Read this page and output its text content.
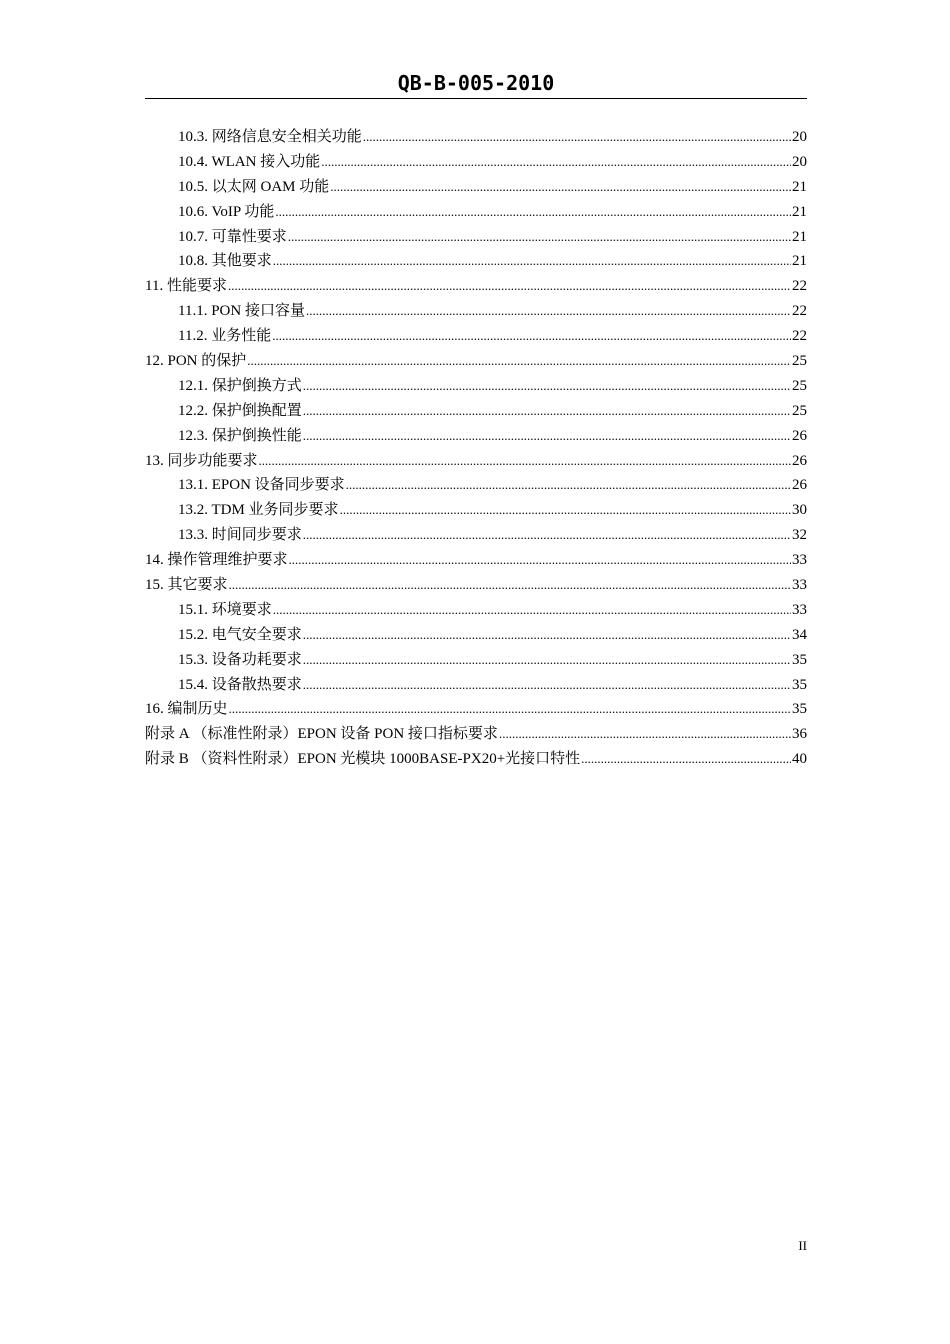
QB-B-005-2010
10.3. 网络信息安全相关功能 .....	20
10.4. WLAN 接入功能 .....	20
10.5. 以太网 OAM 功能 .....	21
10.6. VoIP 功能 .....	21
10.7. 可靠性要求 .....	21
10.8. 其他要求 .....	21
11. 性能要求 .....	22
11.1. PON 接口容量 .....	22
11.2. 业务性能 .....	22
12. PON 的保护 .....	25
12.1. 保护倒换方式 .....	25
12.2. 保护倒换配置 .....	25
12.3. 保护倒换性能 .....	26
13. 同步功能要求 .....	26
13.1. EPON 设备同步要求 .....	26
13.2. TDM 业务同步要求 .....	30
13.3. 时间同步要求 .....	32
14. 操作管理维护要求 .....	33
15. 其它要求 .....	33
15.1. 环境要求 .....	33
15.2. 电气安全要求 .....	34
15.3. 设备功耗要求 .....	35
15.4. 设备散热要求 .....	35
16. 编制历史 .....	35
附录 A （标准性附录）EPON 设备 PON 接口指标要求 .....	36
附录 B （资料性附录）EPON 光模块 1000BASE-PX20+光接口特性 .....	40
II
